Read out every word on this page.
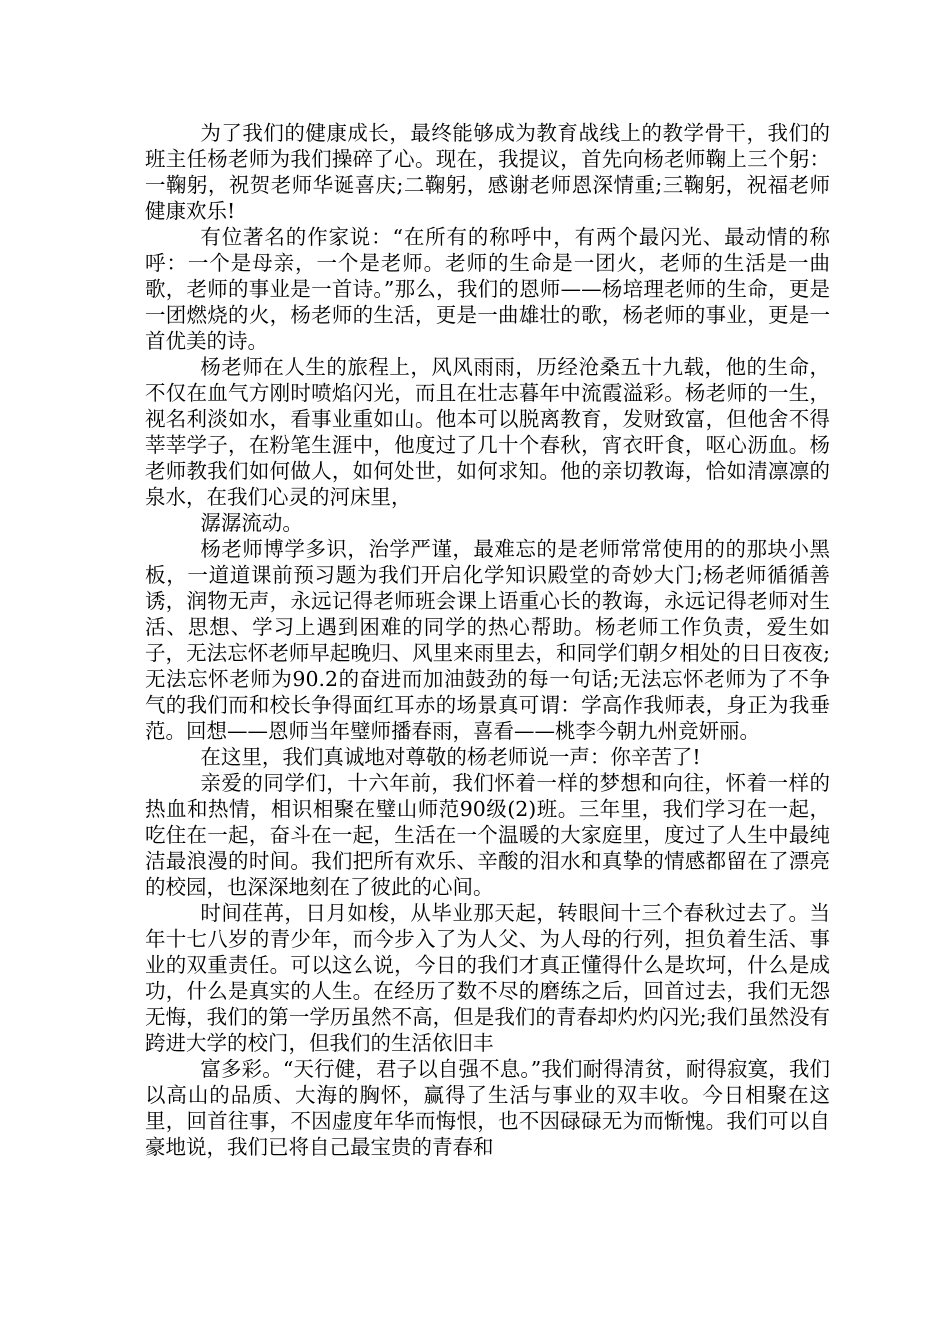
为了我们的健康成长，最终能够成为教育战线上的教学骨干，我们的班主任杨老师为我们操碎了心。现在，我提议，首先向杨老师鞠上三个躬：一鞠躬，祝贺老师华诞喜庆;二鞠躬，感谢老师恩深情重;三鞠躬，祝福老师健康欢乐!

有位著名的作家说：“在所有的称呼中，有两个最闪光、最动情的称呼：一个是母亲，一个是老师。老师的生命是一团火，老师的生活是一曲歌，老师的事业是一首诗。”那么，我们的恩师——杨培理老师的生命，更是一团燃烧的火，杨老师的生活，更是一曲雄壮的歌，杨老师的事业，更是一首优美的诗。

杨老师在人生的旅程上，风风雨雨，历经沧桑五十九载，他的生命，不仅在血气方刚时喷焰闪光，而且在壮志暮年中流霞溢彩。杨老师的一生，视名利淡如水，看事业重如山。他本可以脱离教育，发财致富，但他舍不得莘莘学子，在粉笔生涯中，他度过了几十个春秋，宵衣旰食，呕心沥血。杨老师教我们如何做人，如何处世，如何求知。他的亲切教诲，恰如清凛凛的泉水，在我们心灵的河床里，

潺潺流动。

杨老师博学多识，治学严谨，最难忘的是老师常常使用的的那块小黑板，一道道课前预习题为我们开启化学知识殿堂的奇妙大门;杨老师循循善诱，润物无声，永远记得老师班会课上语重心长的教诲，永远记得老师对生活、思想、学习上遇到困难的同学的热心帮助。杨老师工作负责，爱生如子，无法忘怀老师早起晚归、风里来雨里去，和同学们朝夕相处的日日夜夜;无法忘怀老师为90.2的奋进而加油鼓劲的每一句话;无法忘怀老师为了不争气的我们而和校长争得面红耳赤的场景真可谓：学高作我师表，身正为我垂范。回想——恩师当年璧师播春雨，喜看——桃李今朝九州竞妍丽。

在这里，我们真诚地对尊敬的杨老师说一声：你辛苦了!

亲爱的同学们，十六年前，我们怀着一样的梦想和向往，怀着一样的热血和热情，相识相聚在璧山师范90级(2)班。三年里，我们学习在一起，吃住在一起，奋斗在一起，生活在一个温暖的大家庭里，度过了人生中最纯洁最浪漫的时间。我们把所有欢乐、辛酸的泪水和真挚的情感都留在了漂亮的校园，也深深地刻在了彼此的心间。

时间荏苒，日月如梭，从毕业那天起，转眼间十三个春秋过去了。当年十七八岁的青少年，而今步入了为人父、为人母的行列，担负着生活、事业的双重责任。可以这么说，今日的我们才真正懂得什么是坎坷，什么是成功，什么是真实的人生。在经历了数不尽的磨练之后，回首过去，我们无怨无悔，我们的第一学历虽然不高，但是我们的青春却灼灼闪光;我们虽然没有跨进大学的校门，但我们的生活依旧丰

富多彩。“天行健，君子以自强不息。”我们耐得清贫，耐得寂寞，我们以高山的品质、大海的胸怀，赢得了生活与事业的双丰收。今日相聚在这里，回首往事，不因虚度年华而悔恨，也不因碌碌无为而惭愧。我们可以自豪地说，我们已将自己最宝贵的青春和
